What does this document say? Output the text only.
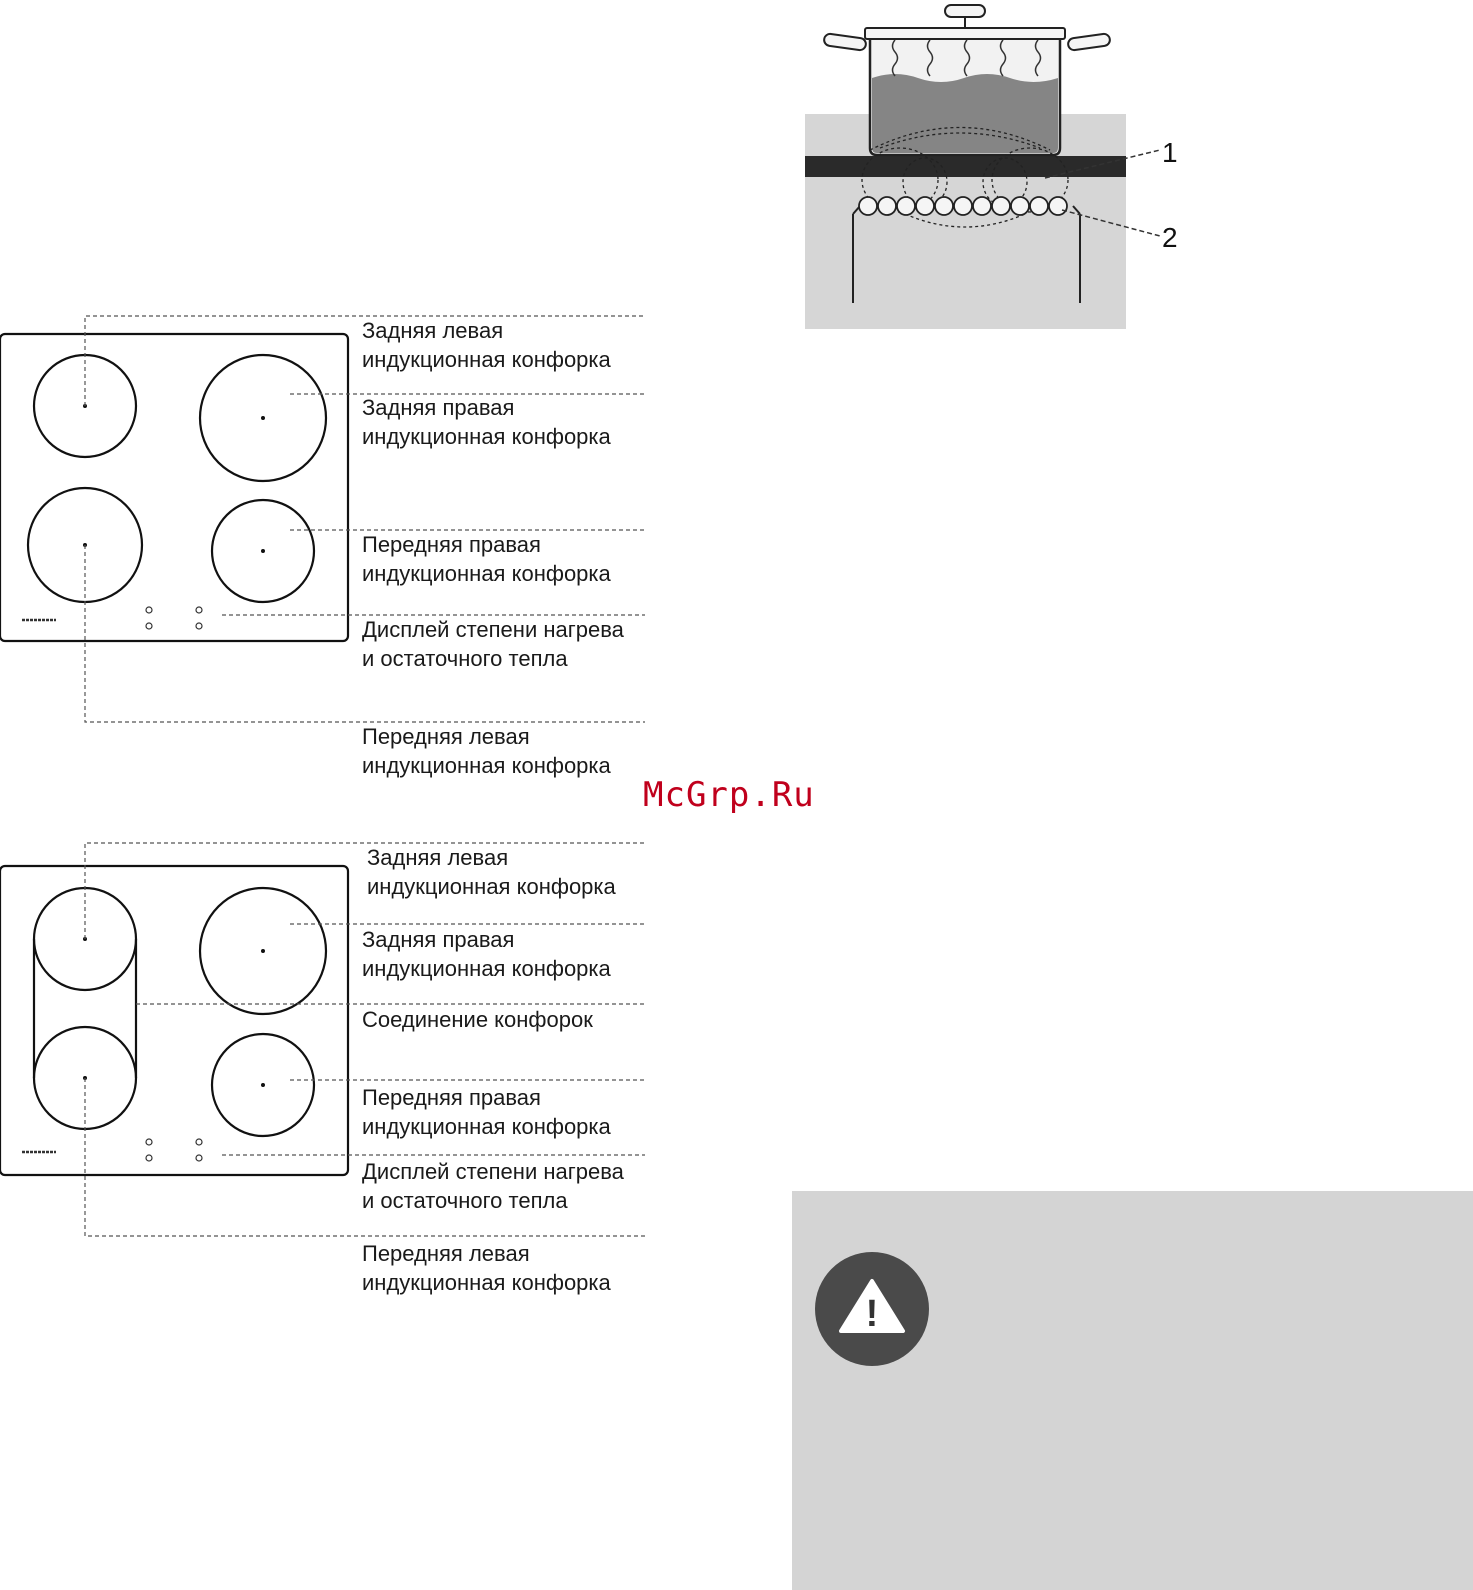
Задняя левая
индукционная конфорка
Задняя правая
индукционная конфорка
Передняя правая
индукционная конфорка
Дисплей степени нагрева
и остаточного тепла
Передняя левая
индукционная конфорка
Задняя левая
индукционная конфорка
Задняя правая
индукционная конфорка
Соединение конфорок
Передняя правая
индукционная конфорка
Дисплей степени нагрева
и остаточного тепла
Передняя левая
индукционная конфорка
1
2
McGrp.Ru
!
